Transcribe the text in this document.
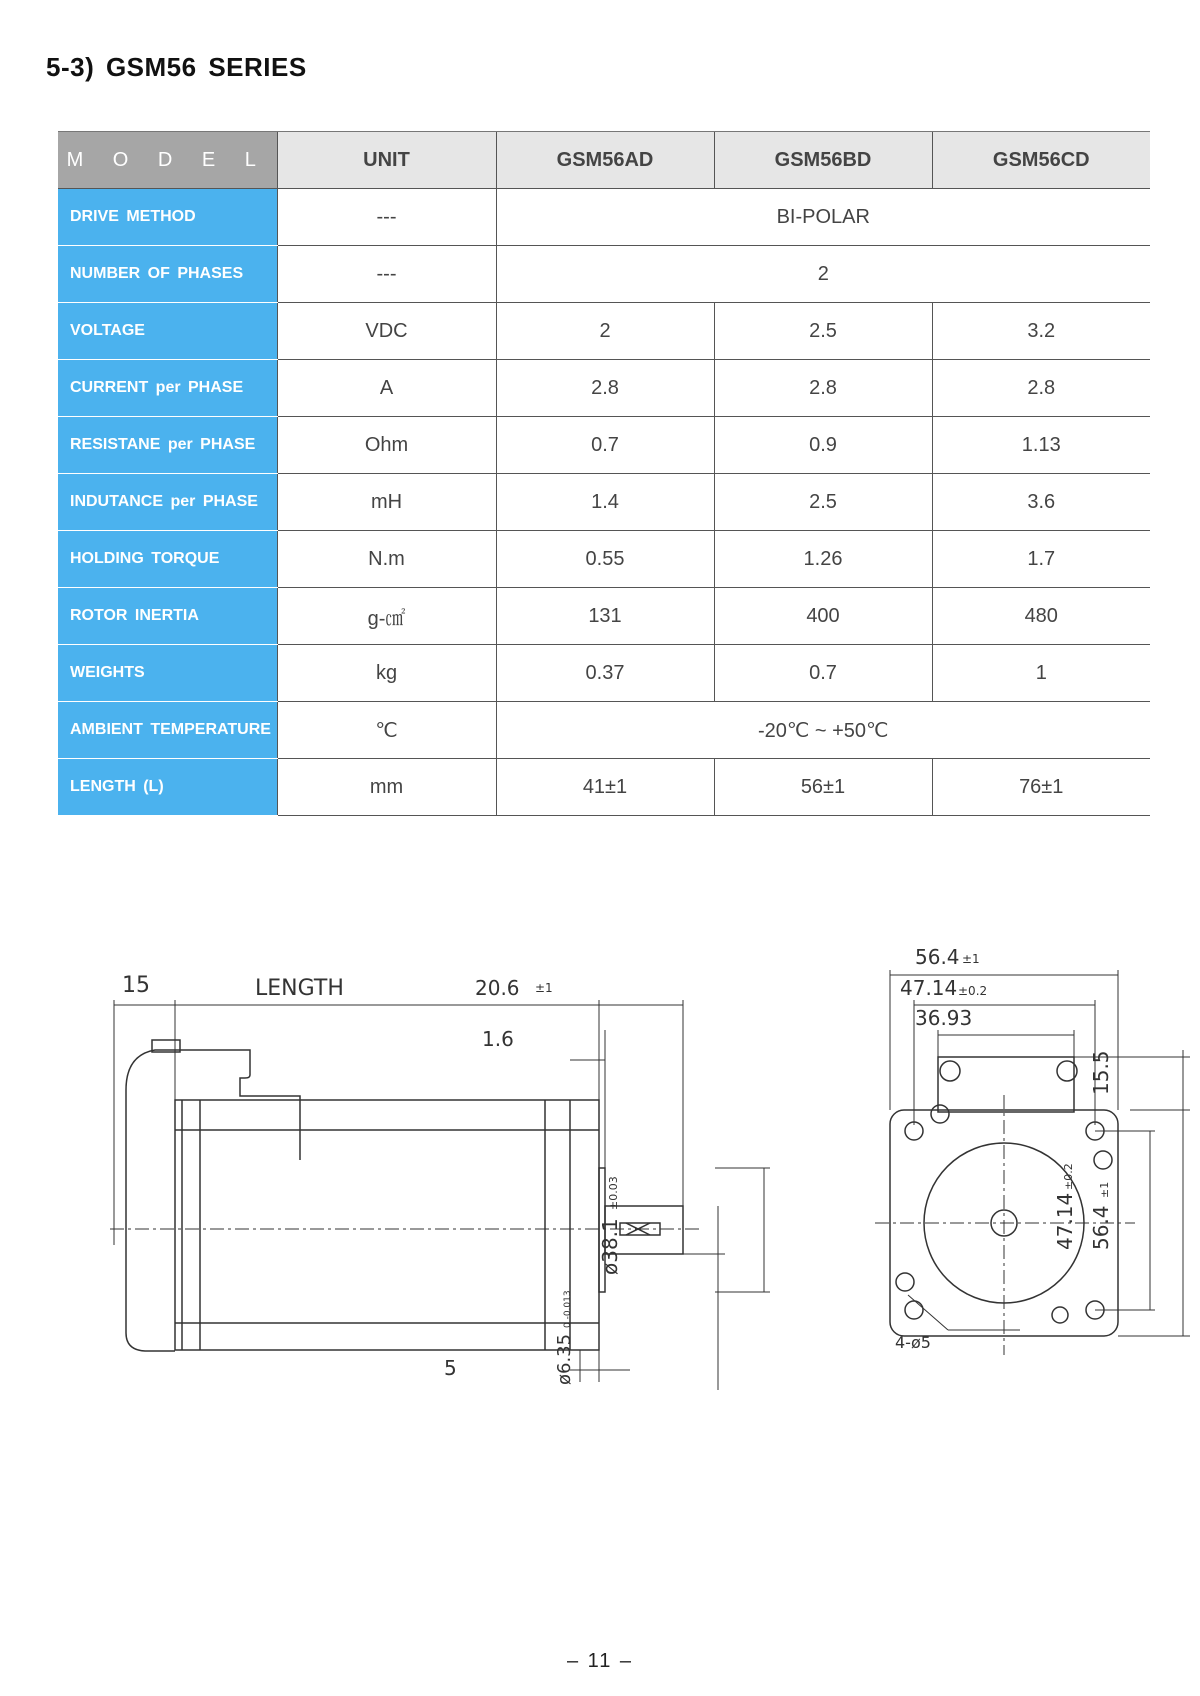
5-3) GSM56 SERIES
M O D E L	UNIT	GSM56AD	GSM56BD	GSM56CD
DRIVE METHOD	---	BI-POLAR		
NUMBER OF PHASES	---	2		
VOLTAGE	VDC	2	2.5	3.2
CURRENT per PHASE	A	2.8	2.8	2.8
RESISTANE per PHASE	Ohm	0.7	0.9	1.13
INDUTANCE per PHASE	mH	1.4	2.5	3.6
HOLDING TORQUE	N.m	0.55	1.26	1.7
ROTOR INERTIA	g-㎠	131	400	480
WEIGHTS	kg	0.37	0.7	1
AMBIENT TEMPERATURE	℃	-20℃ ~ +50℃		
LENGTH (L)	mm	41±1	56±1	76±1
15	LENGTH	20.6 ±1
1.6
5
ø38.1
±0.03
ø6.35
0 -0.013
56.4 ±1
47.14 ±0.2
36.93
15.5
47.14
±0.2
56.4
±1
4-ø5
– 11 –
